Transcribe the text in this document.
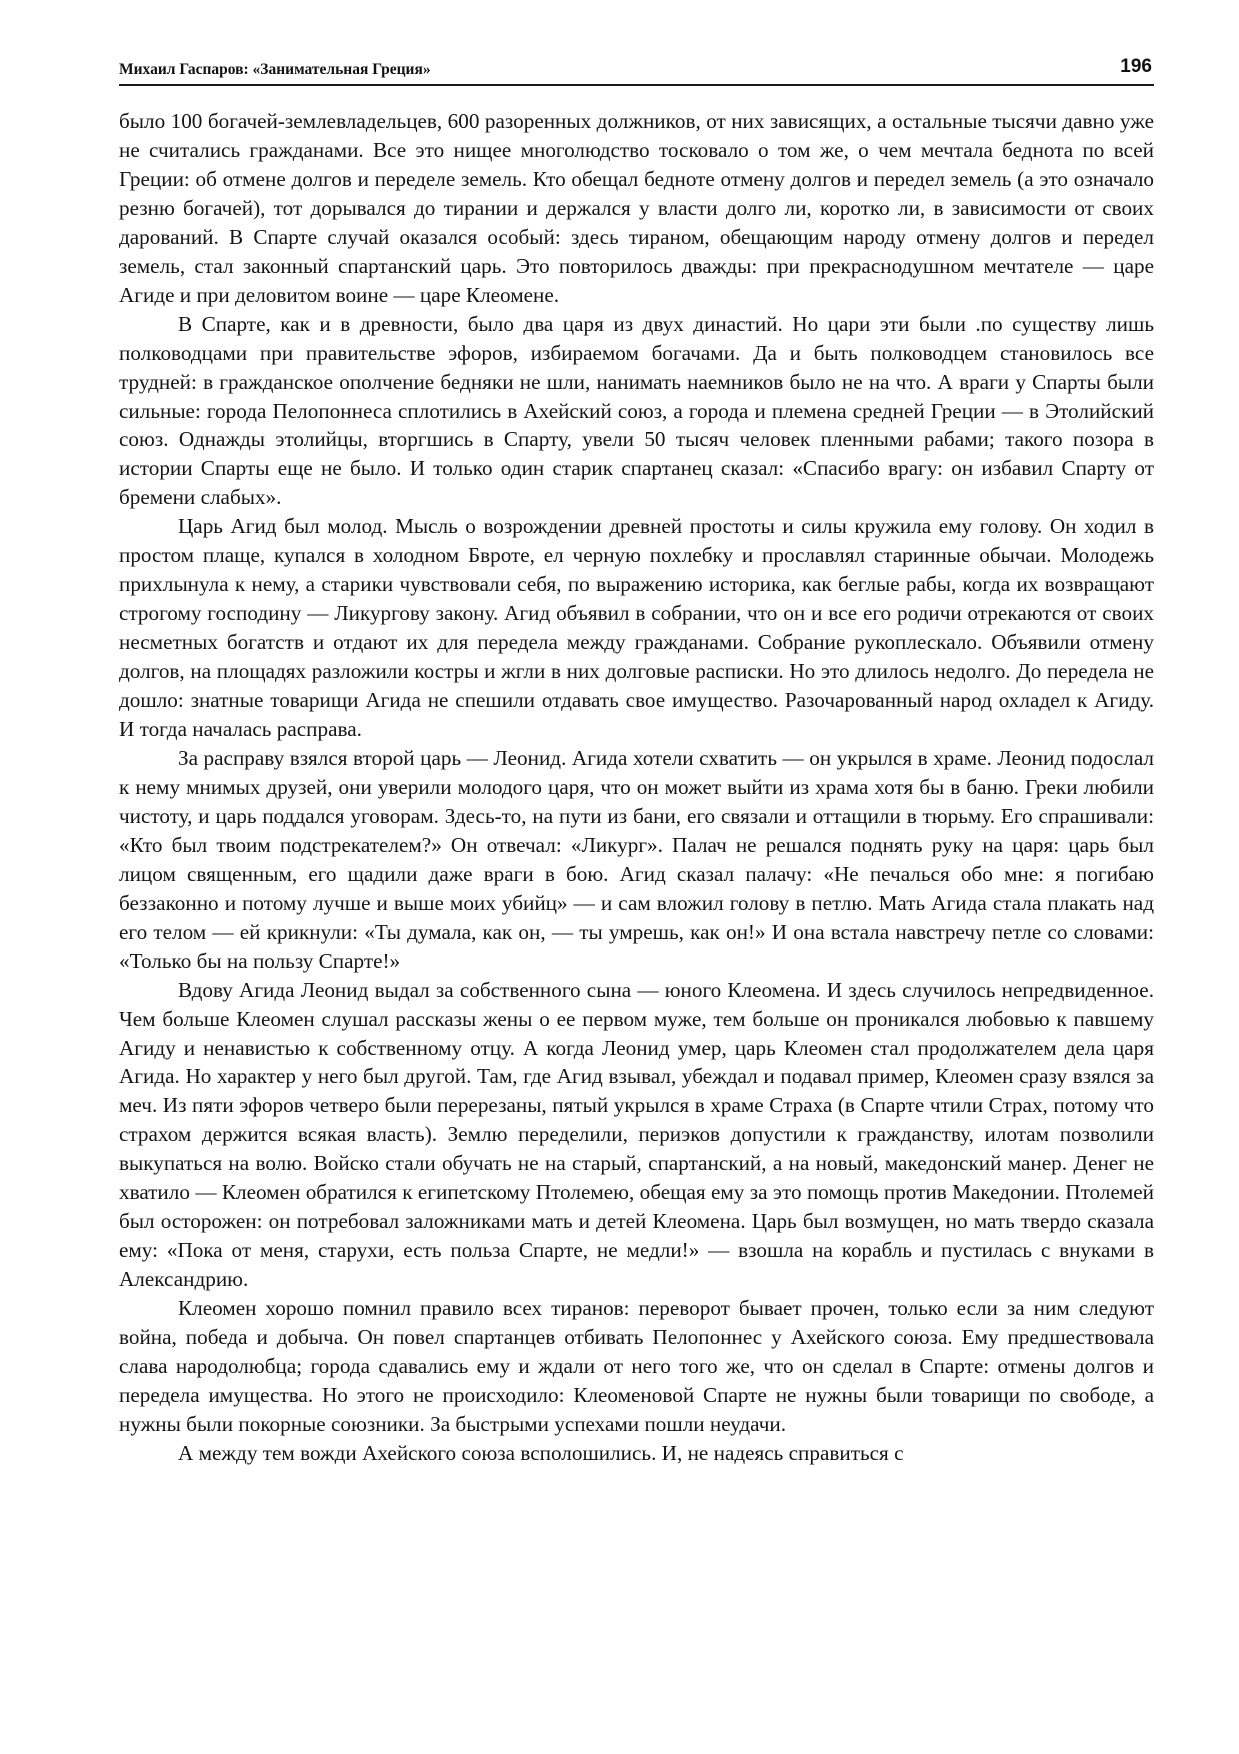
Михаил Гаспаров: «Занимательная Греция»	196

было 100 богачей-землевладельцев, 600 разоренных должников, от них зависящих, а остальные тысячи давно уже не считались гражданами. Все это нищее многолюдство тосковало о том же, о чем мечтала беднота по всей Греции: об отмене долгов и переделе земель. Кто обещал бедноте отмену долгов и передел земель (а это означало резню богачей), тот дорывался до тирании и держался у власти долго ли, коротко ли, в зависимости от своих дарований. В Спарте случай оказался особый: здесь тираном, обещающим народу отмену долгов и передел земель, стал законный спартанский царь. Это повторилось дважды: при прекраснодушном мечтателе — царе Агиде и при деловитом воине — царе Клеомене.

В Спарте, как и в древности, было два царя из двух династий. Но цари эти были .по существу лишь полководцами при правительстве эфоров, избираемом богачами. Да и быть полководцем становилось все трудней: в гражданское ополчение бедняки не шли, нанимать наемников было не на что. А враги у Спарты были сильные: города Пелопоннеса сплотились в Ахейский союз, а города и племена средней Греции — в Этолийский союз. Однажды этолийцы, вторгшись в Спарту, увели 50 тысяч человек пленными рабами; такого позора в истории Спарты еще не было. И только один старик спартанец сказал: «Спасибо врагу: он избавил Спарту от бремени слабых».

Царь Агид был молод. Мысль о возрождении древней простоты и силы кружила ему голову. Он ходил в простом плаще, купался в холодном Бвроте, ел черную похлебку и прославлял старинные обычаи. Молодежь прихлынула к нему, а старики чувствовали себя, по выражению историка, как беглые рабы, когда их возвращают строгому господину — Ликургову закону. Агид объявил в собрании, что он и все его родичи отрекаются от своих несметных богатств и отдают их для передела между гражданами. Собрание рукоплескало. Объявили отмену долгов, на площадях разложили костры и жгли в них долговые расписки. Но это длилось недолго. До передела не дошло: знатные товарищи Агида не спешили отдавать свое имущество. Разочарованный народ охладел к Агиду. И тогда началась расправа.

За расправу взялся второй царь — Леонид. Агида хотели схватить — он укрылся в храме. Леонид подослал к нему мнимых друзей, они уверили молодого царя, что он может выйти из храма хотя бы в баню. Греки любили чистоту, и царь поддался уговорам. Здесь-то, на пути из бани, его связали и оттащили в тюрьму. Его спрашивали: «Кто был твоим подстрекателем?» Он отвечал: «Ликург». Палач не решался поднять руку на царя: царь был лицом священным, его щадили даже враги в бою. Агид сказал палачу: «Не печалься обо мне: я погибаю беззаконно и потому лучше и выше моих убийц» — и сам вложил голову в петлю. Мать Агида стала плакать над его телом — ей крикнули: «Ты думала, как он, — ты умрешь, как он!» И она встала навстречу петле со словами: «Только бы на пользу Спарте!»

Вдову Агида Леонид выдал за собственного сына — юного Клеомена. И здесь случилось непредвиденное. Чем больше Клеомен слушал рассказы жены о ее первом муже, тем больше он проникался любовью к павшему Агиду и ненавистью к собственному отцу. А когда Леонид умер, царь Клеомен стал продолжателем дела царя Агида. Но характер у него был другой. Там, где Агид взывал, убеждал и подавал пример, Клеомен сразу взялся за меч. Из пяти эфоров четверо были перерезаны, пятый укрылся в храме Страха (в Спарте чтили Страх, потому что страхом держится всякая власть). Землю переделили, периэков допустили к гражданству, илотам позволили выкупаться на волю. Войско стали обучать не на старый, спартанский, а на новый, македонский манер. Денег не хватило — Клеомен обратился к египетскому Птолемею, обещая ему за это помощь против Македонии. Птолемей был осторожен: он потребовал заложниками мать и детей Клеомена. Царь был возмущен, но мать твердо сказала ему: «Пока от меня, старухи, есть польза Спарте, не медли!» — взошла на корабль и пустилась с внуками в Александрию.

Клеомен хорошо помнил правило всех тиранов: переворот бывает прочен, только если за ним следуют война, победа и добыча. Он повел спартанцев отбивать Пелопоннес у Ахейского союза. Ему предшествовала слава народолюбца; города сдавались ему и ждали от него того же, что он сделал в Спарте: отмены долгов и передела имущества. Но этого не происходило: Клеоменовой Спарте не нужны были товарищи по свободе, а нужны были покорные союзники. За быстрыми успехами пошли неудачи.

А между тем вожди Ахейского союза всполошились. И, не надеясь справиться с
